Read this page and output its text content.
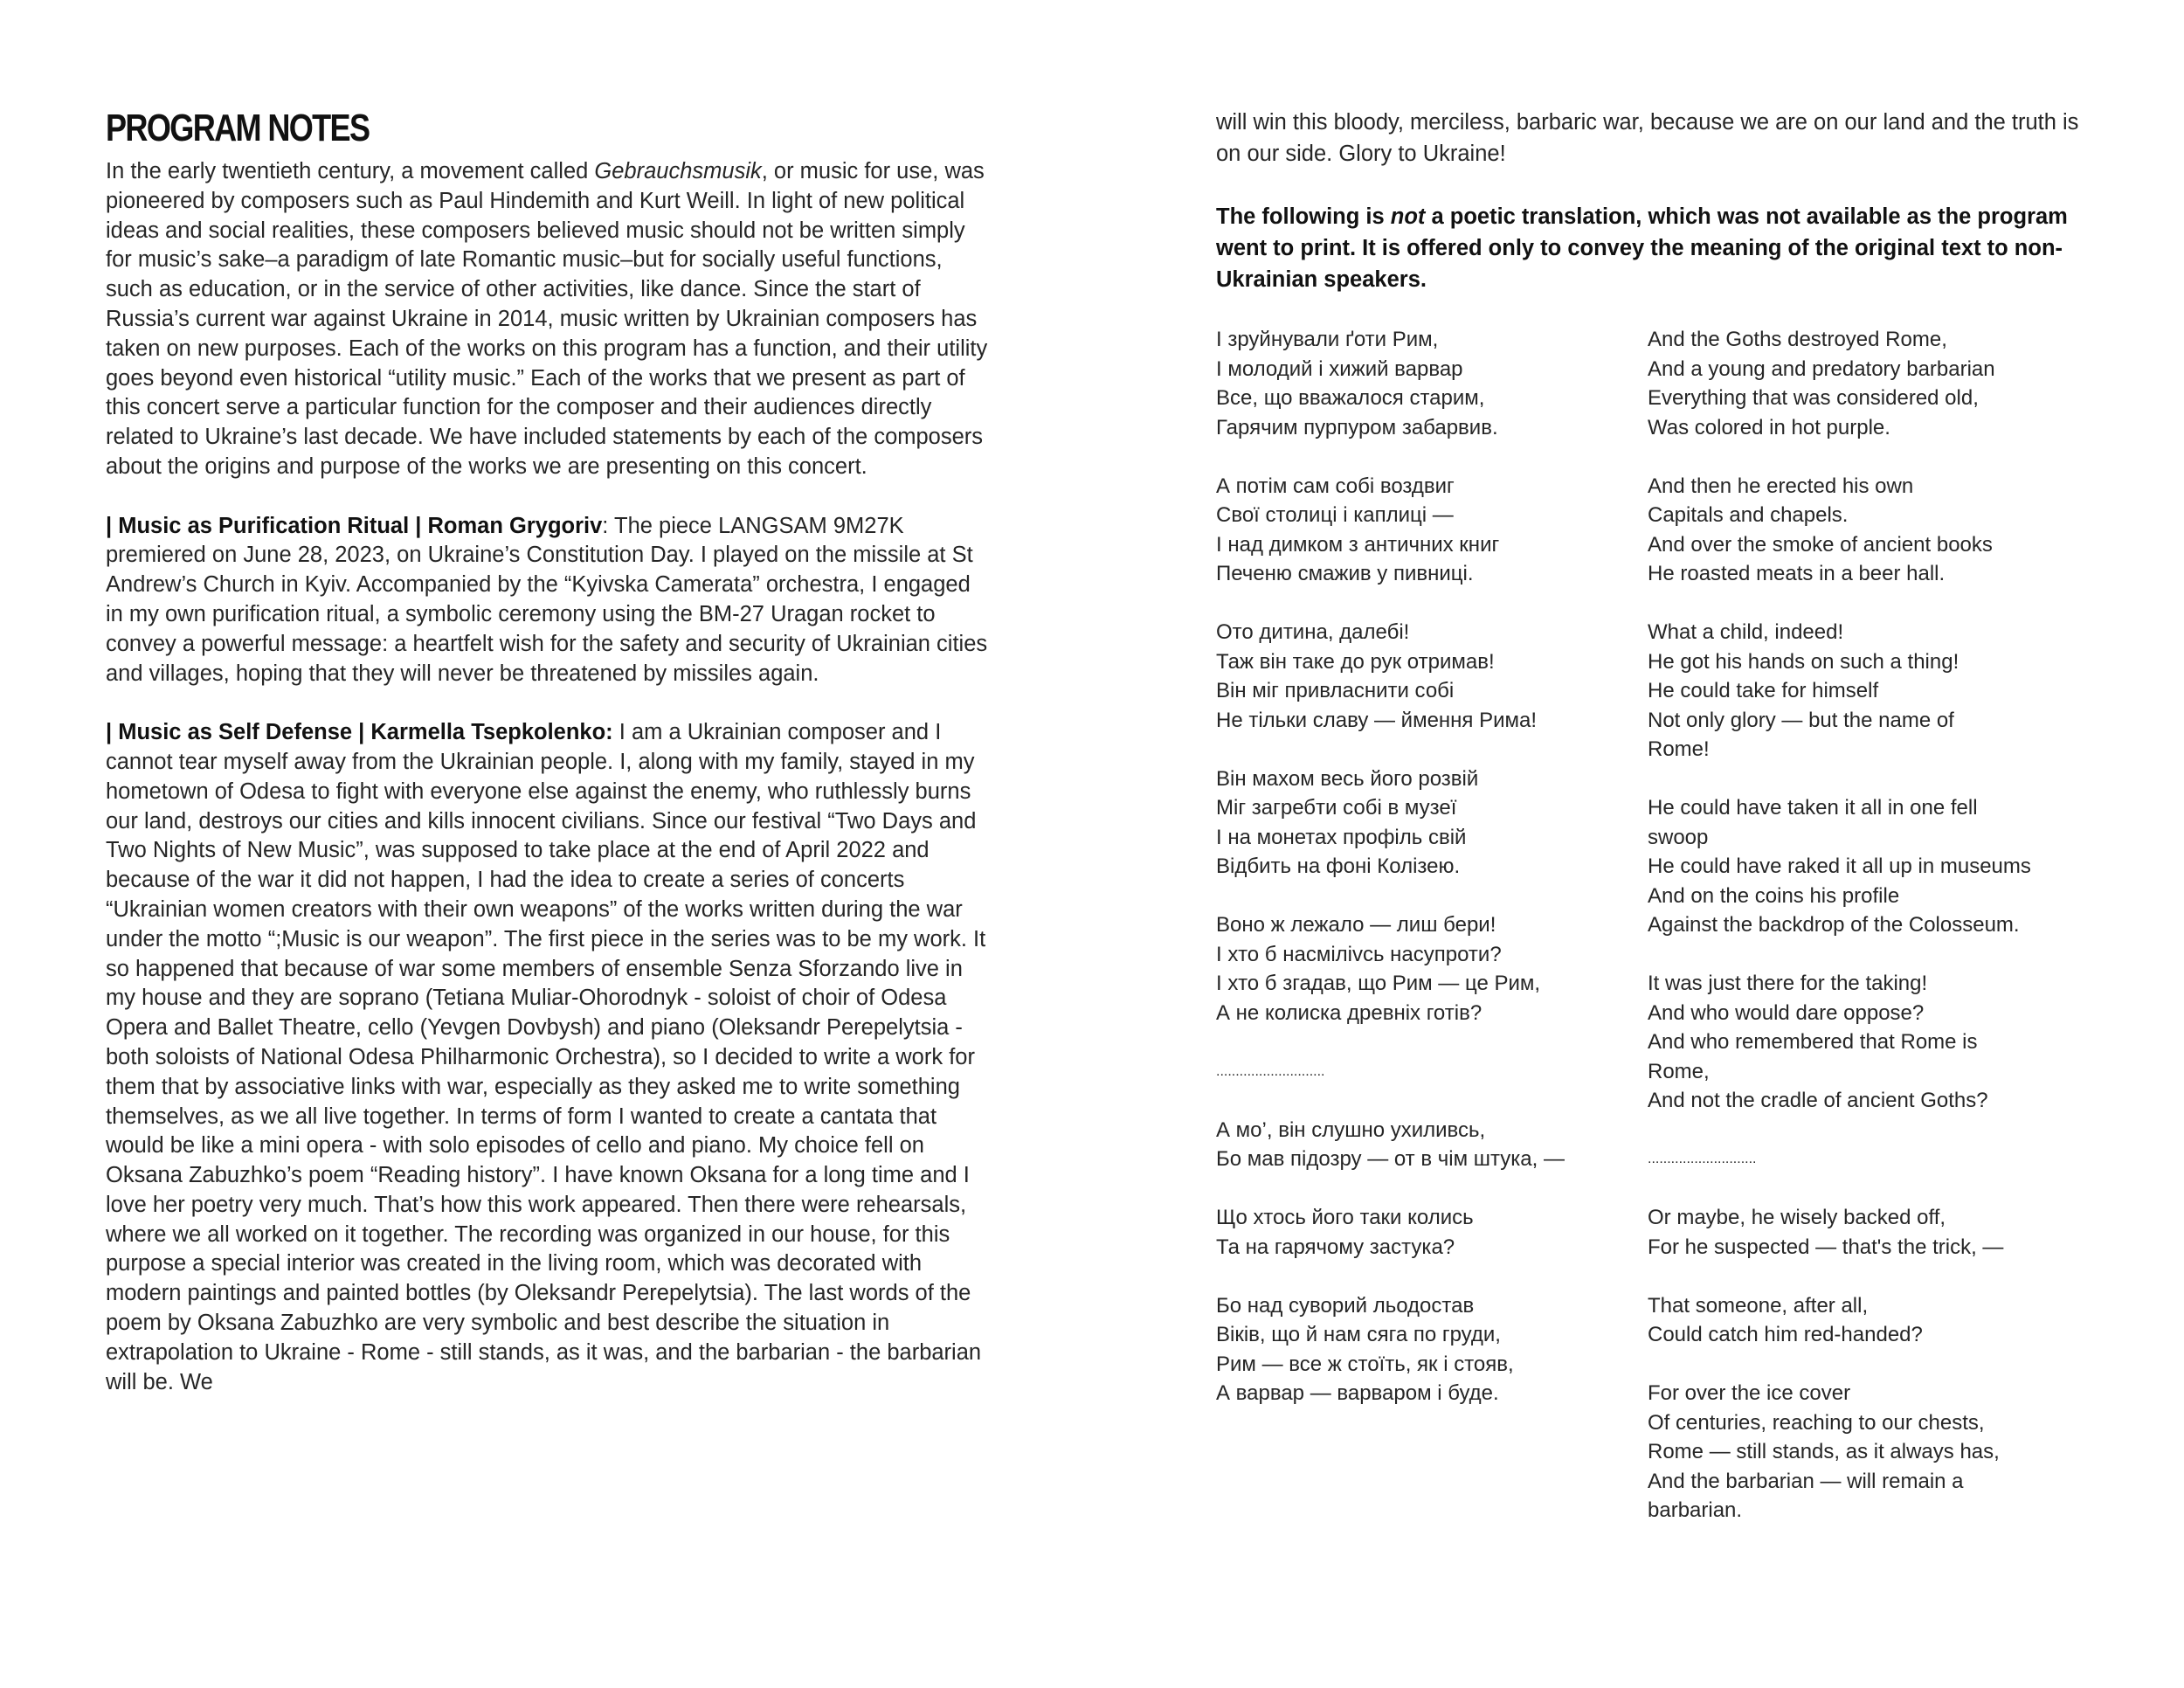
PROGRAM NOTES

In the early twentieth century, a movement called Gebrauchsmusik, or music for use, was pioneered by composers such as Paul Hindemith and Kurt Weill. In light of new political ideas and social realities, these composers believed music should not be written simply for music’s sake–a paradigm of late Romantic music–but for socially useful functions, such as education, or in the service of other activities, like dance. Since the start of Russia’s current war against Ukraine in 2014, music written by Ukrainian composers has taken on new purposes. Each of the works on this program has a function, and their utility goes beyond even historical “utility music.” Each of the works that we present as part of this concert serve a particular function for the composer and their audiences directly related to Ukraine’s last decade. We have included statements by each of the composers about the origins and purpose of the works we are presenting on this concert.

| Music as Purification Ritual | Roman Grygoriv: The piece LANGSAM 9M27K premiered on June 28, 2023, on Ukraine’s Constitution Day. I played on the missile at St Andrew’s Church in Kyiv. Accompanied by the “Kyivska Camerata” orchestra, I engaged in my own purification ritual, a symbolic ceremony using the BM-27 Uragan rocket to convey a powerful message: a heartfelt wish for the safety and security of Ukrainian cities and villages, hoping that they will never be threatened by missiles again.

| Music as Self Defense | Karmella Tsepkolenko: I am a Ukrainian composer and I cannot tear myself away from the Ukrainian people. I, along with my family, stayed in my hometown of Odesa to fight with everyone else against the enemy, who ruthlessly burns our land, destroys our cities and kills innocent civilians. Since our festival “Two Days and Two Nights of New Music”, was supposed to take place at the end of April 2022 and because of the war it did not happen, I had the idea to create a series of concerts “Ukrainian women creators with their own weapons” of the works written during the war under the motto “;Music is our weapon”. The first piece in the series was to be my work. It so happened that because of war some members of ensemble Senza Sforzando live in my house and they are soprano (Tetiana Muliar-Ohorodnyk - soloist of choir of Odesa Opera and Ballet Theatre, cello (Yevgen Dovbysh) and piano (Oleksandr Perepelytsia - both soloists of National Odesa Philharmonic Orchestra), so I decided to write a work for them that by associative links with war, especially as they asked me to write something themselves, as we all live together. In terms of form I wanted to create a cantata that would be like a mini opera - with solo episodes of cello and piano. My choice fell on Oksana Zabuzhko’s poem “Reading history”. I have known Oksana for a long time and I love her poetry very much. That’s how this work appeared. Then there were rehearsals, where we all worked on it together. The recording was organized in our house, for this purpose a special interior was created in the living room, which was decorated with modern paintings and painted bottles (by Oleksandr Perepelytsia). The last words of the poem by Oksana Zabuzhko are very symbolic and best describe the situation in extrapolation to Ukraine - Rome - still stands, as it was, and the barbarian - the barbarian will be. We

will win this bloody, merciless, barbaric war, because we are on our land and the truth is on our side. Glory to Ukraine!

The following is not a poetic translation, which was not available as the program went to print. It is offered only to convey the meaning of the original text to non-Ukrainian speakers.

І зруйнували ґоти Рим,
І молодий і хижий варвар
Все, що вважалося старим,
Гарячим пурпуром забарвив.
А потім сам собі воздвиг
Свої столиці і каплиці —
І над димком з античних книг
Печеню смажив у пивниці.
Ото дитина, далебі!
Таж він таке до рук отримав!
Він міг привласнити собі
Не тільки славу — ймення Рима!
Він махом весь його розвій
Міг загребти собі в музеї
І на монетах профіль свій
Відбить на фоні Колізею.
Воно ж лежало — лиш бери!
І хто б насмілivсь насупроти?
І хто б згадав, що Рим — це Рим,
А не колиска древніх готів?
............................
А мо’, він слушно ухиливсь,
Бо мав підозру — от в чім штука, —
Що хтось його таки колись
Та на гарячому застука?
Бо над суворий льодостав
Віків, що й нам сяга по груди,
Рим — все ж стоїть, як і стояв,
А варвар — варваром і буде.
And the Goths destroyed Rome,
And a young and predatory barbarian
Everything that was considered old,
Was colored in hot purple.
And then he erected his own
Capitals and chapels.
And over the smoke of ancient books
He roasted meats in a beer hall.
What a child, indeed!
He got his hands on such a thing!
He could take for himself
Not only glory — but the name of
Rome!
He could have taken it all in one fell
swoop
He could have raked it all up in museums
And on the coins his profile
Against the backdrop of the Colosseum.
It was just there for the taking!
And who would dare oppose?
And who remembered that Rome is
Rome,
And not the cradle of ancient Goths?
............................
Or maybe, he wisely backed off,
For he suspected — that's the trick, —
That someone, after all,
Could catch him red-handed?
For over the ice cover
Of centuries, reaching to our chests,
Rome — still stands, as it always has,
And the barbarian — will remain a
barbarian.
